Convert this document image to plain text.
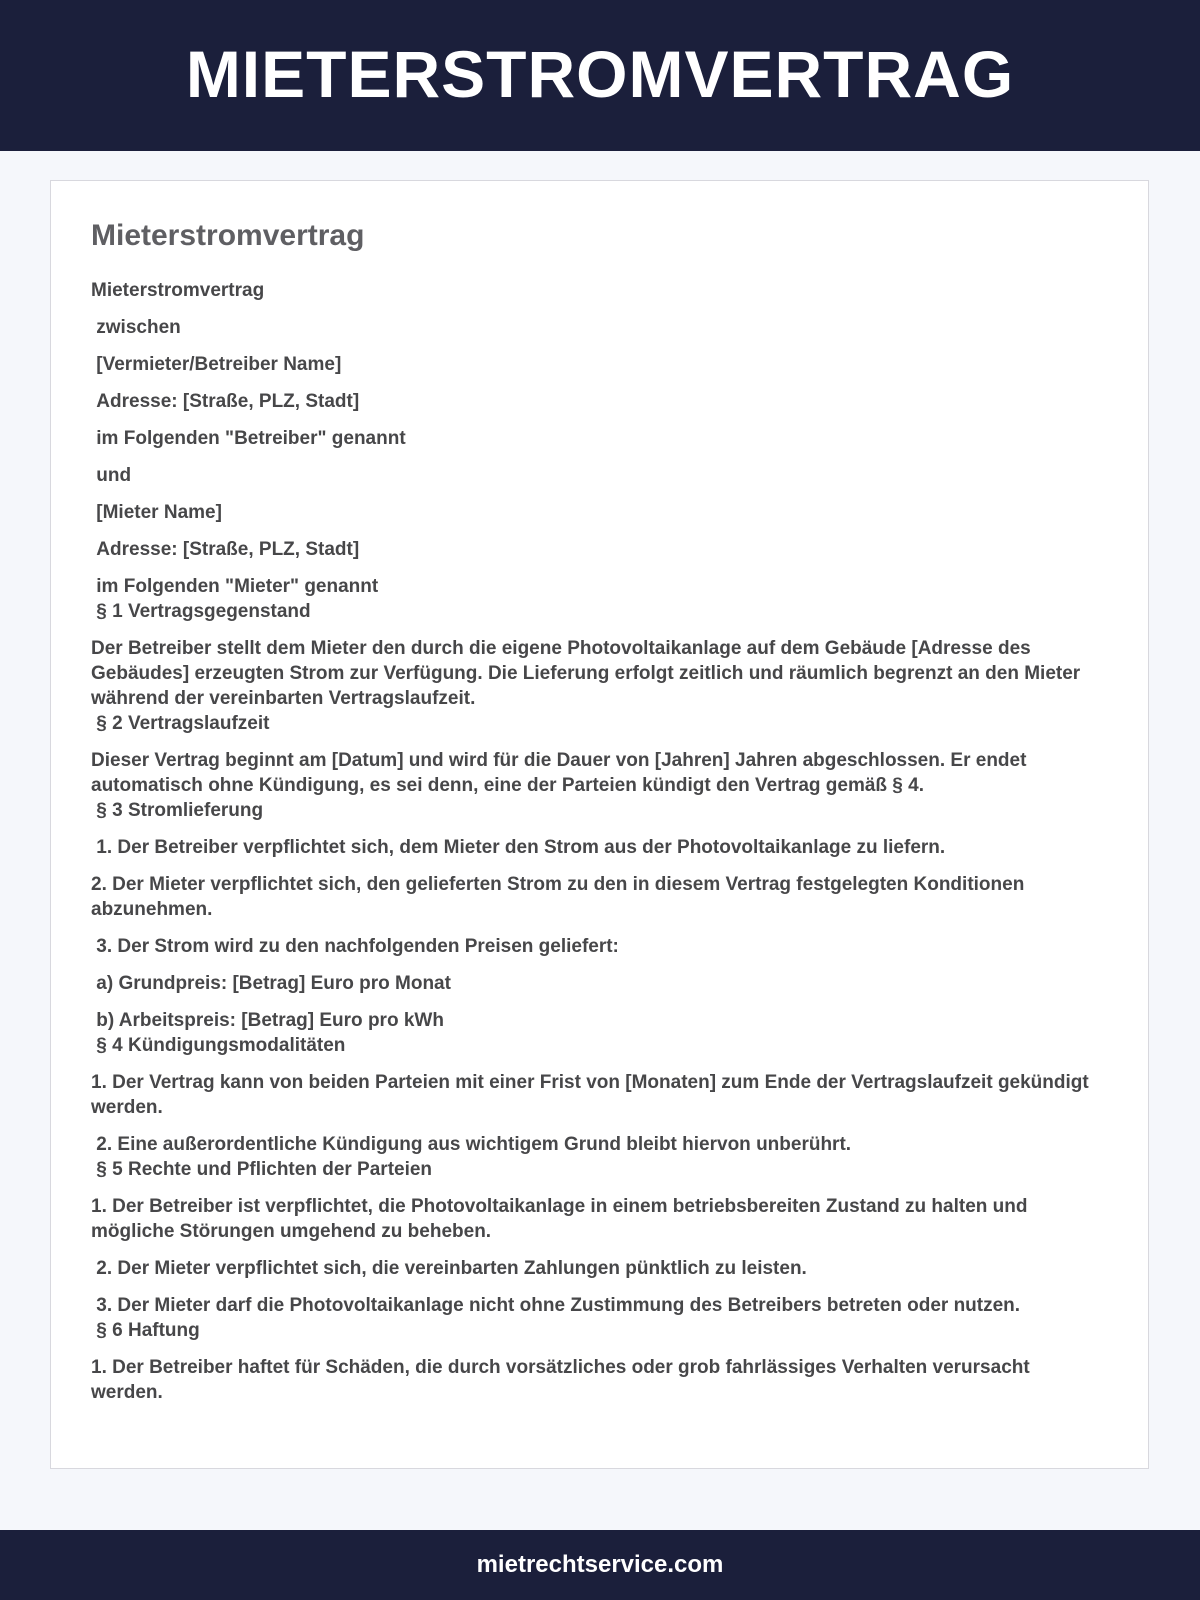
MIETERSTROMVERTRAG
Mieterstromvertrag

Mieterstromvertrag

zwischen

[Vermieter/Betreiber Name]

Adresse: [Straße, PLZ, Stadt]

im Folgenden "Betreiber" genannt

und

[Mieter Name]

Adresse: [Straße, PLZ, Stadt]

im Folgenden "Mieter" genannt

§ 1 Vertragsgegenstand

Der Betreiber stellt dem Mieter den durch die eigene Photovoltaikanlage auf dem Gebäude [Adresse des Gebäudes] erzeugten Strom zur Verfügung. Die Lieferung erfolgt zeitlich und räumlich begrenzt an den Mieter während der vereinbarten Vertragslaufzeit.

§ 2 Vertragslaufzeit

Dieser Vertrag beginnt am [Datum] und wird für die Dauer von [Jahren] Jahren abgeschlossen. Er endet automatisch ohne Kündigung, es sei denn, eine der Parteien kündigt den Vertrag gemäß § 4.

§ 3 Stromlieferung

1. Der Betreiber verpflichtet sich, dem Mieter den Strom aus der Photovoltaikanlage zu liefern.

2. Der Mieter verpflichtet sich, den gelieferten Strom zu den in diesem Vertrag festgelegten Konditionen abzunehmen.

3. Der Strom wird zu den nachfolgenden Preisen geliefert:

a) Grundpreis: [Betrag] Euro pro Monat

b) Arbeitspreis: [Betrag] Euro pro kWh

§ 4 Kündigungsmodalitäten

1. Der Vertrag kann von beiden Parteien mit einer Frist von [Monaten] zum Ende der Vertragslaufzeit gekündigt werden.

2. Eine außerordentliche Kündigung aus wichtigem Grund bleibt hiervon unberührt.

§ 5 Rechte und Pflichten der Parteien

1. Der Betreiber ist verpflichtet, die Photovoltaikanlage in einem betriebsbereiten Zustand zu halten und mögliche Störungen umgehend zu beheben.

2. Der Mieter verpflichtet sich, die vereinbarten Zahlungen pünktlich zu leisten.

3. Der Mieter darf die Photovoltaikanlage nicht ohne Zustimmung des Betreibers betreten oder nutzen.

§ 6 Haftung

1. Der Betreiber haftet für Schäden, die durch vorsätzliches oder grob fahrlässiges Verhalten verursacht werden.

mietrechtservice.com
